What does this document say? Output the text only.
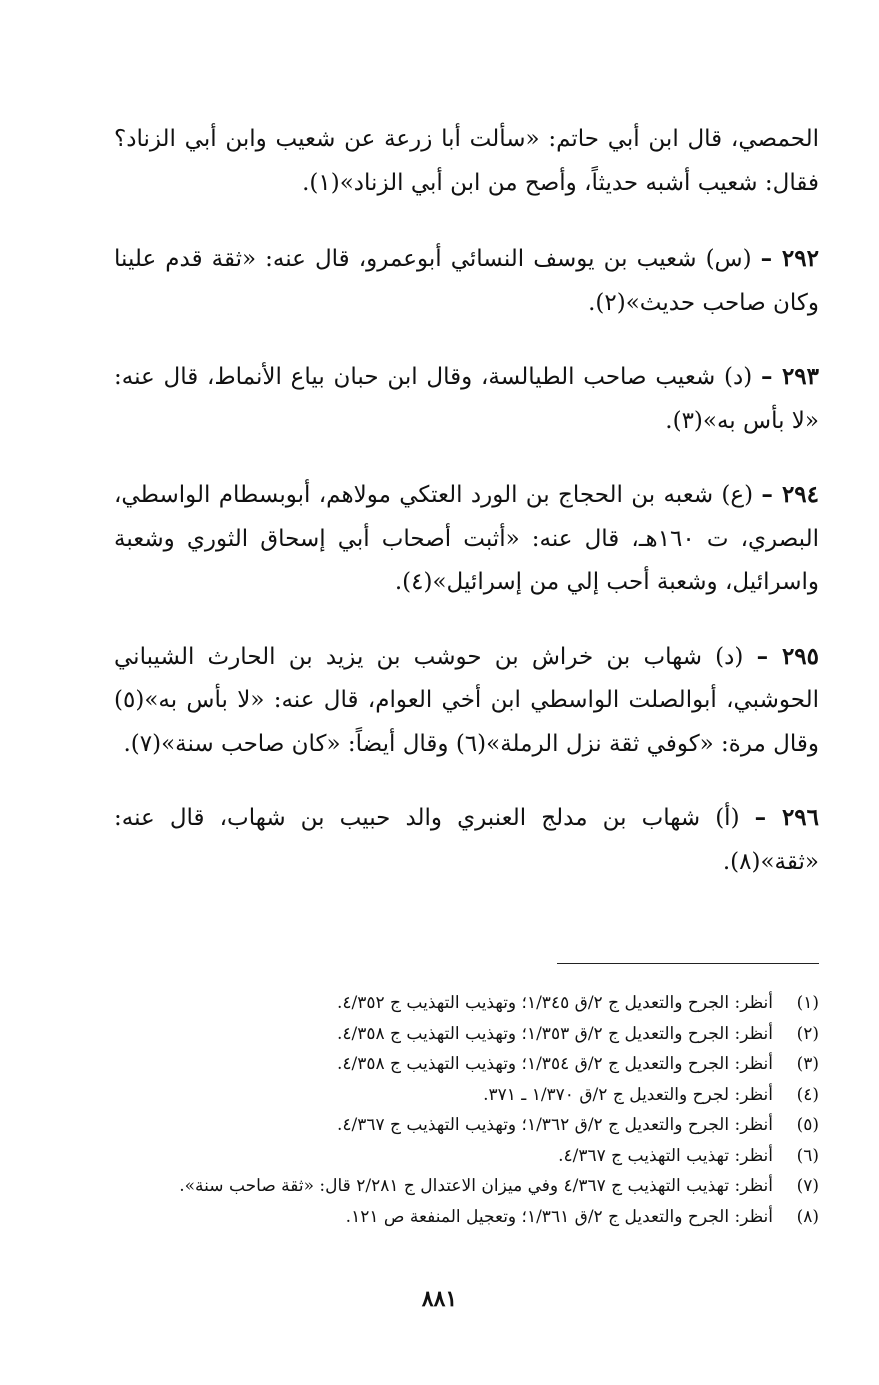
الحمصي، قال ابن أبي حاتم: «سألت أبا زرعة عن شعيب وابن أبي الزناد؟ فقال: شعيب أشبه حديثاً، وأصح من ابن أبي الزناد»(١).

٢٩٢ – (س) شعيب بن يوسف النسائي أبوعمرو، قال عنه: «ثقة قدم علينا وكان صاحب حديث»(٢).

٢٩٣ – (د) شعيب صاحب الطيالسة، وقال ابن حبان بياع الأنماط، قال عنه: «لا بأس به»(٣).

٢٩٤ – (ع) شعبه بن الحجاج بن الورد العتكي مولاهم، أبوبسطام الواسطي، البصري، ت ١٦٠هـ، قال عنه: «أثبت أصحاب أبي إسحاق الثوري وشعبة واسرائيل، وشعبة أحب إلي من إسرائيل»(٤).

٢٩٥ – (د) شهاب بن خراش بن حوشب بن يزيد بن الحارث الشيباني الحوشبي، أبوالصلت الواسطي ابن أخي العوام، قال عنه: «لا بأس به»(٥) وقال مرة: «كوفي ثقة نزل الرملة»(٦) وقال أيضاً: «كان صاحب سنة»(٧).

٢٩٦ – (أ) شهاب بن مدلج العنبري والد حبيب بن شهاب، قال عنه: «ثقة»(٨).

(١)
أنظر: الجرح والتعديل ج ٢/ق ١/٣٤٥؛ وتهذيب التهذيب ج ٤/٣٥٢.
(٢)
أنظر: الجرح والتعديل ج ٢/ق ١/٣٥٣؛ وتهذيب التهذيب ج ٤/٣٥٨.
(٣)
أنظر: الجرح والتعديل ج ٢/ق ١/٣٥٤؛ وتهذيب التهذيب ج ٤/٣٥٨.
(٤)
أنظر: لجرح والتعديل ج ٢/ق ١/٣٧٠ ـ ٣٧١.
(٥)
أنظر: الجرح والتعديل ج ٢/ق ١/٣٦٢؛ وتهذيب التهذيب ج ٤/٣٦٧.
(٦)
أنظر: تهذيب التهذيب ج ٤/٣٦٧.
(٧)
أنظر: تهذيب التهذيب ج ٤/٣٦٧ وفي ميزان الاعتدال ج ٢/٢٨١ قال: «ثقة صاحب سنة».
(٨)
أنظر: الجرح والتعديل ج ٢/ق ١/٣٦١؛ وتعجيل المنفعة ص ١٢١.
٨٨١
